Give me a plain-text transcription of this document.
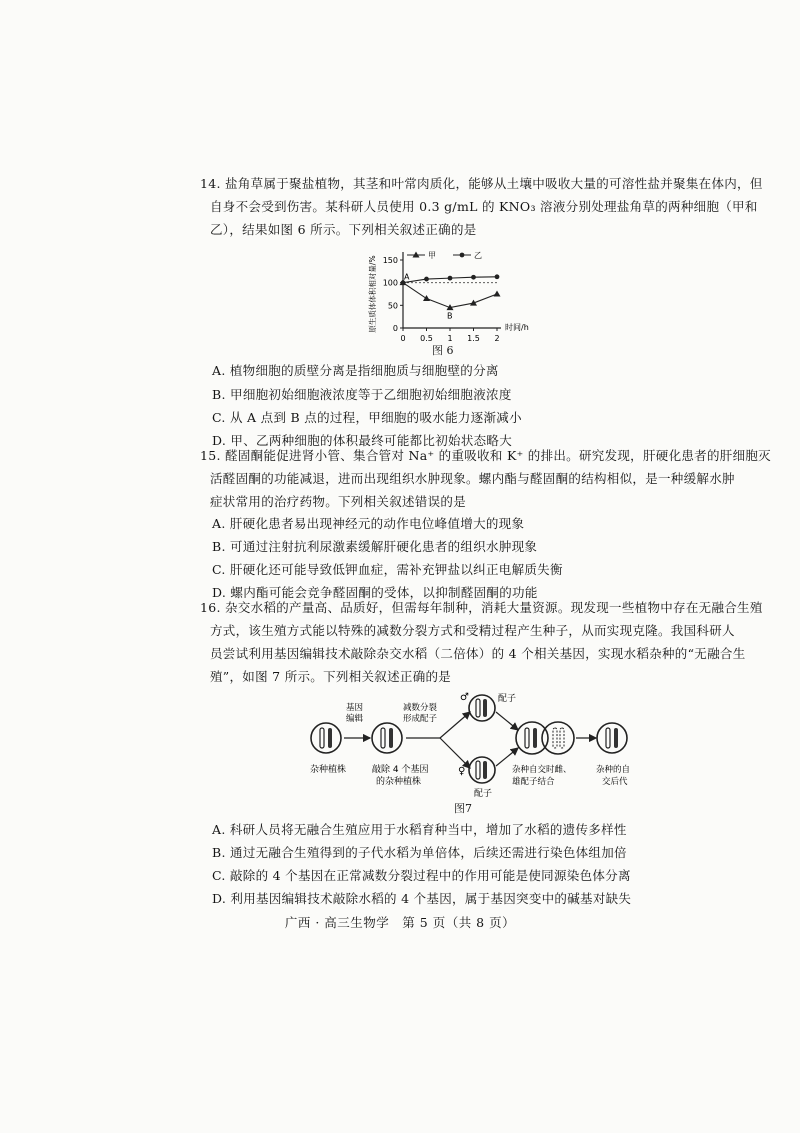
14. 盐角草属于聚盐植物，其茎和叶常肉质化，能够从土壤中吸收大量的可溶性盐并聚集在体内，但
自身不会受到伤害。某科研人员使用 0.3 g/mL 的 KNO₃ 溶液分别处理盐角草的两种细胞（甲和
乙），结果如图 6 所示。下列相关叙述正确的是
0
50
100
150
0 0.5 1 1.5 2
时间/h
原生质体体积相对量/%	甲	乙
A
B
图 6
A. 植物细胞的质壁分离是指细胞质与细胞壁的分离
B. 甲细胞初始细胞液浓度等于乙细胞初始细胞液浓度
C. 从 A 点到 B 点的过程，甲细胞的吸水能力逐渐减小
D. 甲、乙两种细胞的体积最终可能都比初始状态略大
15. 醛固酮能促进肾小管、集合管对 Na⁺ 的重吸收和 K⁺ 的排出。研究发现，肝硬化患者的肝细胞灭
活醛固酮的功能减退，进而出现组织水肿现象。螺内酯与醛固酮的结构相似，是一种缓解水肿
症状常用的治疗药物。下列相关叙述错误的是
A. 肝硬化患者易出现神经元的动作电位峰值增大的现象
B. 可通过注射抗利尿激素缓解肝硬化患者的组织水肿现象
C. 肝硬化还可能导致低钾血症，需补充钾盐以纠正电解质失衡
D. 螺内酯可能会竞争醛固酮的受体，以抑制醛固酮的功能
16. 杂交水稻的产量高、品质好，但需每年制种，消耗大量资源。现发现一些植物中存在无融合生殖
方式，该生殖方式能以特殊的减数分裂方式和受精过程产生种子，从而实现克隆。我国科研人
员尝试利用基因编辑技术敲除杂交水稻（二倍体）的 4 个相关基因，实现水稻杂种的“无融合生
殖”，如图 7 所示。下列相关叙述正确的是
杂种植株
基因
编辑
敲除 4 个基因
的杂种植株
减数分裂
形成配子
♂	配子
♀
配子
杂种自交时雌、
雄配子结合
杂种的自
交后代
图7
A. 科研人员将无融合生殖应用于水稻育种当中，增加了水稻的遗传多样性
B. 通过无融合生殖得到的子代水稻为单倍体，后续还需进行染色体组加倍
C. 敲除的 4 个基因在正常减数分裂过程中的作用可能是使同源染色体分离
D. 利用基因编辑技术敲除水稻的 4 个基因，属于基因突变中的碱基对缺失
广西 · 高三生物学　第 5 页（共 8 页）
